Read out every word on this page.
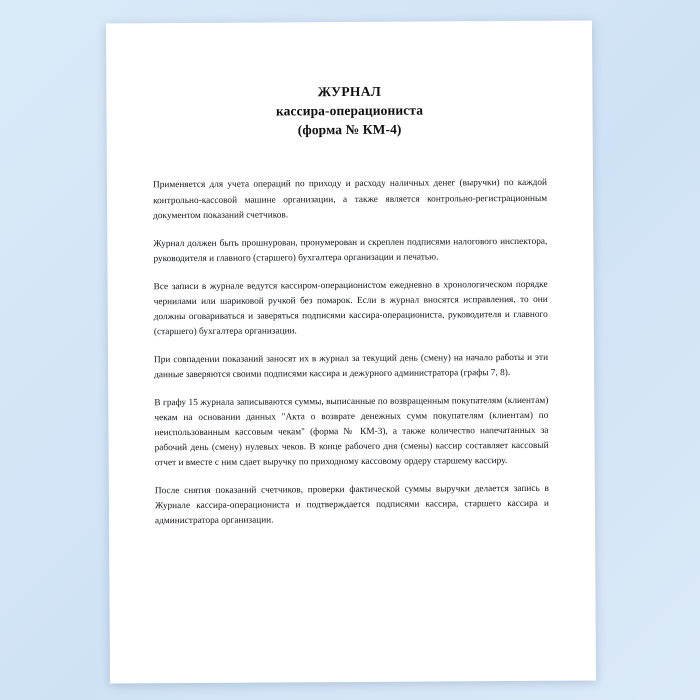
ЖУРНАЛ
кассира-операциониста
(форма № КМ-4)

Применяется для учета операций по приходу и расходу наличных денег (выручки) по каждой контрольно-кассовой машине организации, а также является контрольно-регистрационным документом показаний счетчиков.

Журнал должен быть прошнурован, пронумерован и скреплен подписями налогового инспектора, руководителя и главного (старшего) бухгалтера организации и печатью.

Все записи в журнале ведутся кассиром-операционистом ежедневно в хронологическом порядке чернилами или шариковой ручкой без помарок. Если в журнал вносятся исправления, то они должны оговариваться и заверяться подписями кассира-операциониста, руководителя и главного (старшего) бухгалтера организации.

При совпадении показаний заносят их в журнал за текущий день (смену) на начало работы и эти данные заверяются своими подписями кассира и дежурного администратора (графы 7, 8).

В графу 15 журнала записываются суммы, выписанные по возвращенным покупателям (клиентам) чекам на основании данных "Акта о возврате денежных сумм покупателям (клиентам) по неиспользованным кассовым чекам" (форма № КМ-3), а также количество напечатанных за рабочий день (смену) нулевых чеков. В конце рабочего дня (смены) кассир составляет кассовый отчет и вместе с ним сдает выручку по приходному кассовому ордеру старшему кассиру.

После снятия показаний счетчиков, проверки фактической суммы выручки делается запись в Журнале кассира-операциониста и подтверждается подписями кассира, старшего кассира и администратора организации.
